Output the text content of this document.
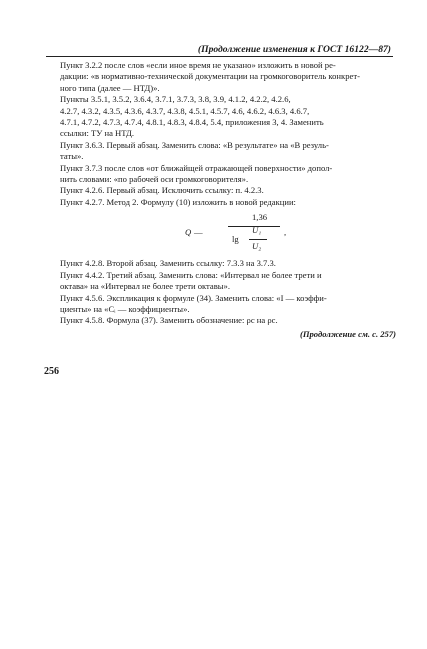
(Продолжение изменения к ГОСТ 16122—87)

Пункт 3.2.2 после слов «если иное время не указано» изложить в новой ре-
дакции: «в нормативно-технической документации на громкоговоритель конкрет-
ного типа (далее — НТД)».

Пункты 3.5.1, 3.5.2, 3.6.4, 3.7.1, 3.7.3, 3.8, 3.9, 4.1.2, 4.2.2, 4.2.6,
4.2.7, 4.3.2, 4.3.5, 4.3.6, 4.3.7, 4.3.8, 4.5.1, 4.5.7, 4.6, 4.6.2, 4.6.3, 4.6.7,
4.7.1, 4.7.2, 4.7.3, 4.7.4, 4.8.1, 4.8.3, 4.8.4, 5.4, приложения 3, 4. Заменить
ссылки: ТУ на НТД.

Пункт 3.6.3. Первый абзац. Заменить слова: «В результате» на «В резуль-
таты».

Пункт 3.7.3 после слов «от ближайщей отражающей поверхности» допол-
нить словами: «по рабочей оси громкоговорителя».

Пункт 4.2.6. Первый абзац. Исключить ссылку: п. 4.2.3.

Пункт 4.2.7. Метод 2. Формулу (10) изложить в новой редакции:

Q —
1,36
lg
U₁
U₂
,

Пункт 4.2.8. Второй абзац. Заменить ссылку: 7.3.3 на 3.7.3.

Пункт 4.4.2. Третий абзац. Заменить слова: «Интервал не более трети и
октава» на «Интервал не более трети октавы».

Пункт 4.5.6. Экспликация к формуле (34). Заменить слова: «I — коэффи-
циенты» на «Cᵢ — коэффициенты».

Пункт 4.5.8. Формула (37). Заменить обозначение: ρc на ρc.

(Продолжение см. с. 257)
256
